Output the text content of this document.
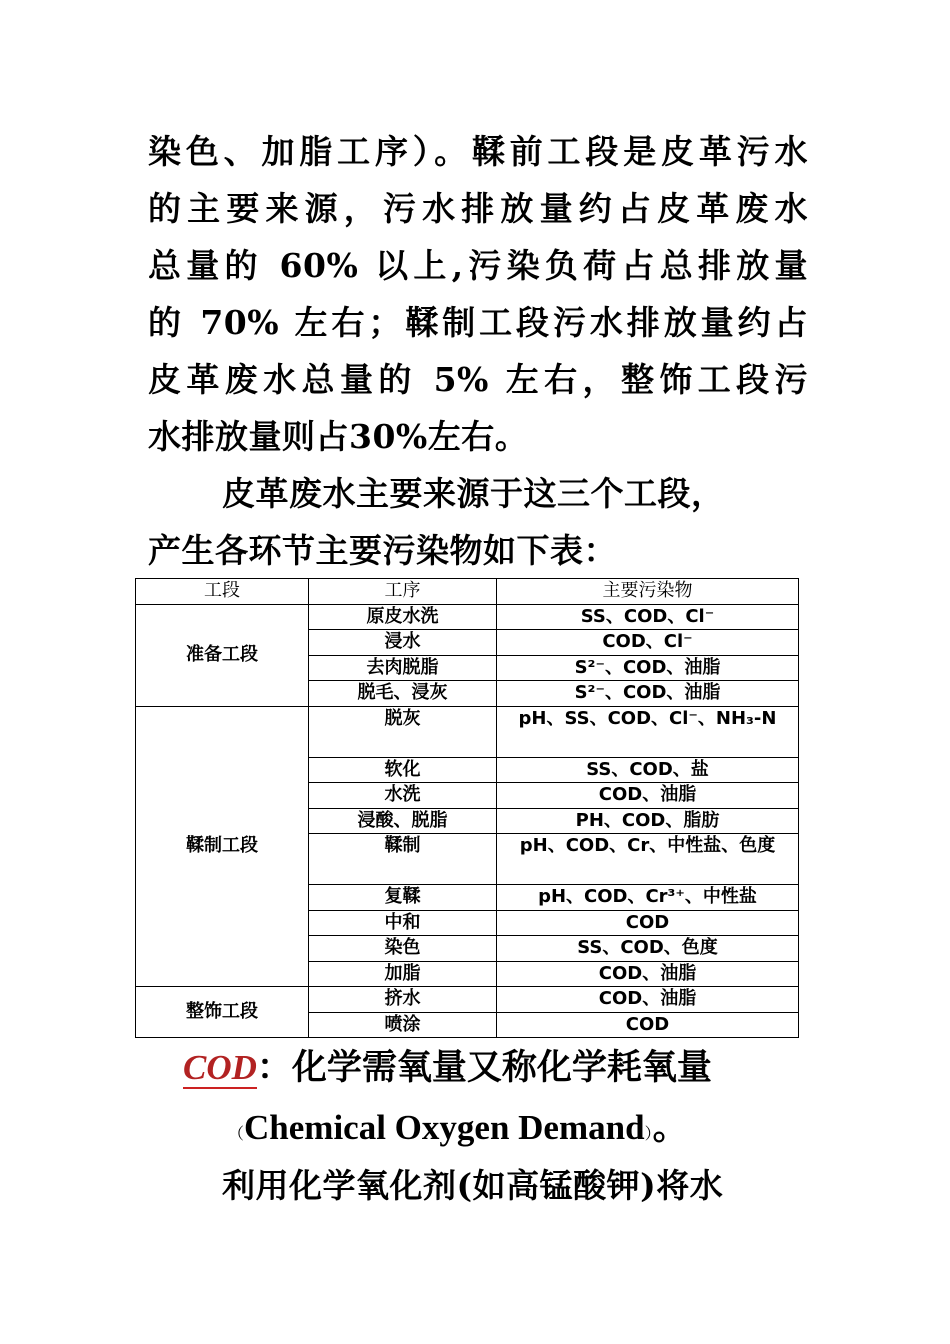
染色、加脂工序）。鞣前工段是皮革污水
的主要来源，污水排放量约占皮革废水
总量的 60% 以上,污染负荷占总排放量
的 70% 左右；鞣制工段污水排放量约占
皮革废水总量的 5% 左右，整饰工段污
水排放量则占30%左右。
皮革废水主要来源于这三个工段，
产生各环节主要污染物如下表：
工段	工序	主要污染物
准备工段	原皮水洗	SS、COD、Cl⁻
	浸水	COD、Cl⁻
	去肉脱脂	S²⁻、COD、油脂
	脱毛、浸灰	S²⁻、COD、油脂
鞣制工段	脱灰	pH、SS、COD、Cl⁻、NH₃-N
	软化	SS、COD、盐
	水洗	COD、油脂
	浸酸、脱脂	PH、COD、脂肪
	鞣制	pH、COD、Cr、中性盐、色度
	复鞣	pH、COD、Cr³⁺、中性盐
	中和	COD
	染色	SS、COD、色度
	加脂	COD、油脂
整饰工段	挤水	COD、油脂
	喷涂	COD
COD：化学需氧量又称化学耗氧量
（Chemical Oxygen Demand）。
利用化学氧化剂(如高锰酸钾)将水
